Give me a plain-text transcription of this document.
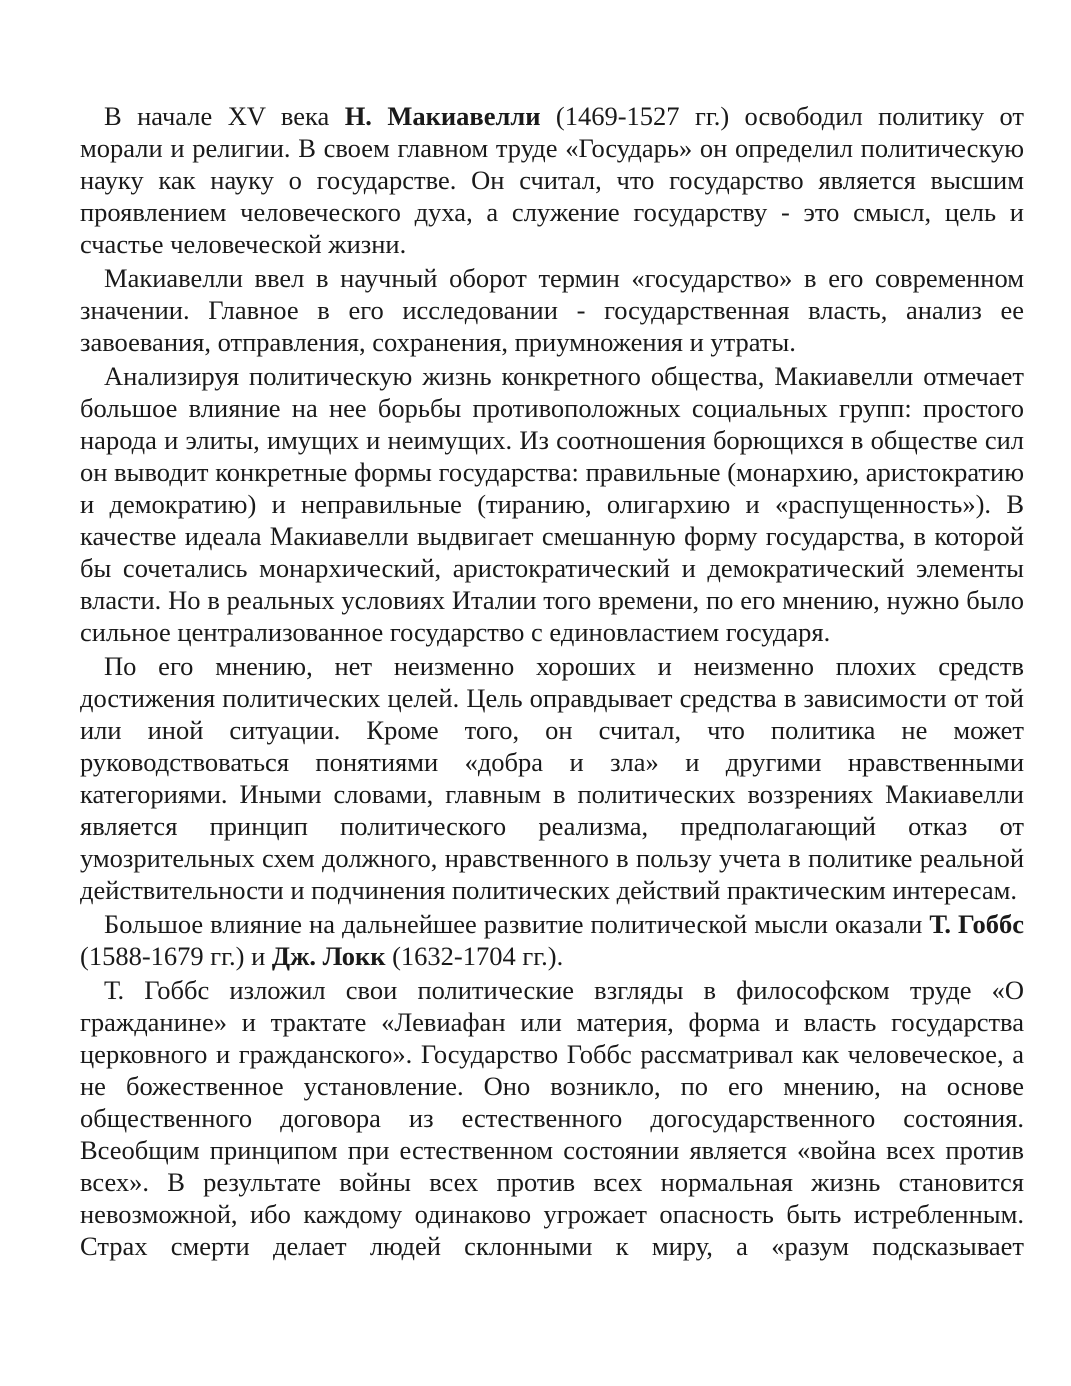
В начале XV века Н. Макиавелли (1469-1527 гг.) освободил политику от морали и религии. В своем главном труде «Государь» он определил политическую науку как науку о государстве. Он считал, что государство является высшим проявлением человеческого духа, а служение государству - это смысл, цель и счастье человеческой жизни.

Макиавелли ввел в научный оборот термин «государство» в его современном значении. Главное в его исследовании - государственная власть, анализ ее завоевания, отправления, сохранения, приумножения и утраты.

Анализируя политическую жизнь конкретного общества, Макиавелли отмечает большое влияние на нее борьбы противоположных социальных групп: простого народа и элиты, имущих и неимущих. Из соотношения борющихся в обществе сил он выводит конкретные формы государства: правильные (монархию, аристократию и демократию) и неправильные (тиранию, олигархию и «распущенность»). В качестве идеала Макиавелли выдвигает смешанную форму государства, в которой бы сочетались монархический, аристократический и демократический элементы власти. Но в реальных условиях Италии того времени, по его мнению, нужно было сильное централизованное государство с единовластием государя.

По его мнению, нет неизменно хороших и неизменно плохих средств достижения политических целей. Цель оправдывает средства в зависимости от той или иной ситуации. Кроме того, он считал, что политика не может руководствоваться понятиями «добра и зла» и другими нравственными категориями. Иными словами, главным в политических воззрениях Макиавелли является принцип политического реализма, предполагающий отказ от умозрительных схем должного, нравственного в пользу учета в политике реальной действительности и подчинения политических действий практическим интересам.

Большое влияние на дальнейшее развитие политической мысли оказали Т. Гоббс (1588-1679 гг.) и Дж. Локк (1632-1704 гг.).

Т. Гоббс изложил свои политические взгляды в философском труде «О гражданине» и трактате «Левиафан или материя, форма и власть государства церковного и гражданского». Государство Гоббс рассматривал как человеческое, а не божественное установление. Оно возникло, по его мнению, на основе общественного договора из естественного догосударственного состояния. Всеобщим принципом при естественном состоянии является «война всех против всех». В результате войны всех против всех нормальная жизнь становится невозможной, ибо каждому одинаково угрожает опасность быть истребленным. Страх смерти делает людей склонными к миру, а «разум подсказывает
